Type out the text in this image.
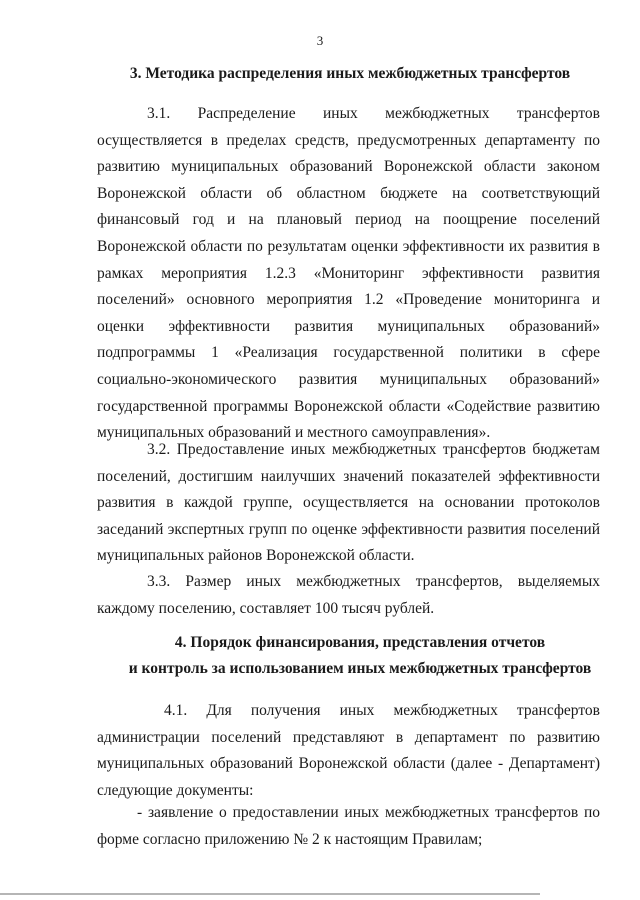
3
3. Методика распределения иных межбюджетных трансфертов

3.1. Распределение иных межбюджетных трансфертов осуществляется в пределах средств, предусмотренных департаменту по развитию муниципальных образований Воронежской области законом Воронежской области об областном бюджете на соответствующий финансовый год и на плановый период на поощрение поселений Воронежской области по результатам оценки эффективности их развития в рамках мероприятия 1.2.3 «Мониторинг эффективности развития поселений» основного мероприятия 1.2 «Проведение мониторинга и оценки эффективности развития муниципальных образований» подпрограммы 1 «Реализация государственной политики в сфере социально-экономического развития муниципальных образований» государственной программы Воронежской области «Содействие развитию муниципальных образований и местного самоуправления».

3.2. Предоставление иных межбюджетных трансфертов бюджетам поселений, достигшим наилучших значений показателей эффективности развития в каждой группе, осуществляется на основании протоколов заседаний экспертных групп по оценке эффективности развития поселений муниципальных районов Воронежской области.

3.3. Размер иных межбюджетных трансфертов, выделяемых каждому поселению, составляет 100 тысяч рублей.

4. Порядок финансирования, представления отчетов
и контроль за использованием иных межбюджетных трансфертов

4.1. Для получения иных межбюджетных трансфертов администрации поселений представляют в департамент по развитию муниципальных образований Воронежской области (далее - Департамент) следующие документы:

- заявление о предоставлении иных межбюджетных трансфертов по форме согласно приложению № 2 к настоящим Правилам;
